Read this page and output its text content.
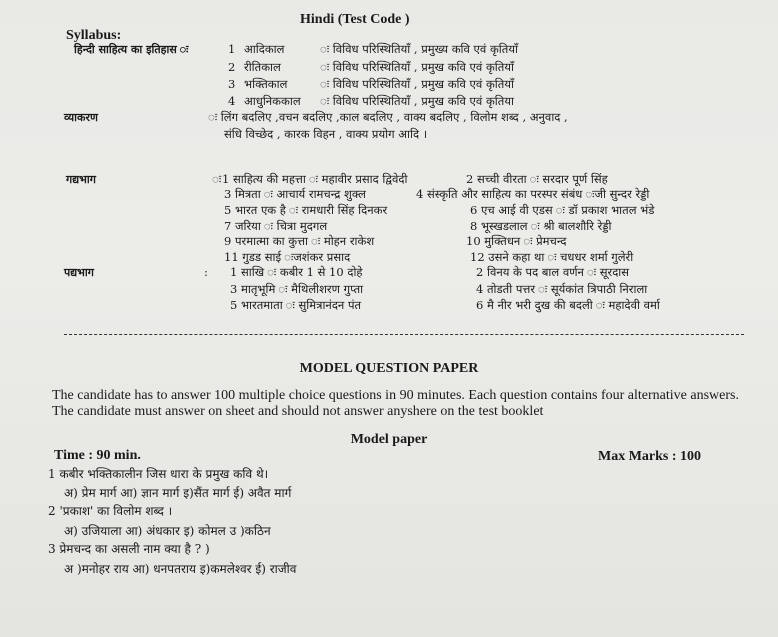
Hindi (Test Code )
Syllabus:
हिन्दी साहित्य का इतिहास ः	1 आदिकाल	ः विविध परिस्थितियाँ , प्रमुख्य कवि एवं कृतियाँ
2 रीतिकाल	ः विविध परिस्थितियाँ , प्रमुख कवि एवं कृतियाँ
3 भक्तिकाल	ः विविध परिस्थितियाँ , प्रमुख कवि एवं कृतियाँ
4 आधुनिककाल ः विविध परिस्थितियाँ , प्रमुख कवि एवं कृतिया
व्याकरण	ः लिंग बदलिए ,वचन बदलिए ,काल बदलिए , वाक्य बदलिए , विलोम शब्द , अनुवाद ,
संधि विच्छेद , कारक विहन , वाक्य प्रयोग आदि ।
गद्यभाग	ः 1 साहित्य की महत्ता ः महावीर प्रसाद द्विवेदी	2 सच्ची वीरता ः सरदार पूर्ण सिंह
3 मित्रता ः आचार्य रामचन्द्र शुक्ल	4 संस्कृति और साहित्य का परस्पर संबंध ःजी सुन्दर रेड्डी
5 भारत एक है ः रामधारी सिंह दिनकर	6 एच आई वी एडस ः डॉ प्रकाश भातल भंडे
7 जरिया ः चित्रा मुदगल	8 भूस्खडलाल ः श्री बालशौरि रेड्डी
9 परमात्मा का कुत्ता ः मोहन राकेश	10 मुक्तिधन ः प्रेमचन्द
11 गुडड साई ःजशंकर प्रसाद	12 उसने कहा था ः चधधर शर्मा गुलेरी
पद्यभाग	: 1 साखि ः कबीर 1 से 10 दोहे	2 विनय के पद बाल वर्णन ः सूरदास
3 मातृभूमि ः मैथिलीशरण गुप्ता	4 तोडती पत्तर ः सूर्यकांत त्रिपाठी निराला
5 भारतमाता ः सुमित्रानंदन पंत	6 मै नीर भरी दुख की बदली ः महादेवी वर्मा
MODEL QUESTION PAPER
The candidate has to answer 100 multiple choice questions in 90 minutes. Each question contains four alternative answers. The candidate must answer on sheet and should not answer anyshere on the test booklet
Model paper
Time : 90 min.	Max Marks : 100
1 कबीर भक्तिकालीन जिस धारा के प्रमुख कवि थे।
अ) प्रेम मार्ग आ) ज्ञान मार्ग इ)सैंत मार्ग ई) अवैत मार्ग
2 'प्रकाश' का विलोम शब्द ।
अ) उजियाला आ) अंधकार इ) कोमल उ )कठिन
3 प्रेमचन्द का असली नाम क्या है ? )
अ )मनोहर राय आ) धनपतराय इ)कमलेश्वर ई) राजीव
